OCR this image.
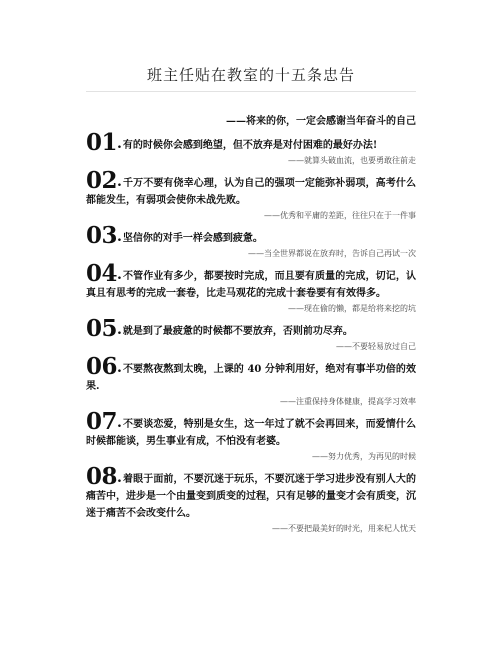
班主任贴在教室的十五条忠告
——将来的你，一定会感谢当年奋斗的自己
01.有的时候你会感到绝望，但不放弃是对付困难的最好办法!
——就算头破血流，也要勇敢往前走
02.千万不要有侥幸心理，认为自己的强项一定能弥补弱项，高考什么都能发生，有弱项会使你未战先败。
——优秀和平庸的差距，往往只在于一件事
03.坚信你的对手一样会感到疲惫。
——当全世界都说在放弃时，告诉自己再试一次
04.不管作业有多少，都要按时完成，而且要有质量的完成，切记，认真且有思考的完成一套卷，比走马观花的完成十套卷要有有效得多。
——现在偷的懒，都是给将来挖的坑
05.就是到了最疲惫的时候都不要放弃，否则前功尽弃。
——不要轻易放过自己
06.不要熬夜熬到太晚，上课的 40 分钟利用好，绝对有事半功倍的效果.
——注重保持身体健康，提高学习效率
07.不要谈恋爱，特别是女生，这一年过了就不会再回来，而爱情什么时候都能谈，男生事业有成，不怕没有老婆。
——努力优秀，为再见的时候
08.着眼于面前，不要沉迷于玩乐，不要沉迷于学习进步没有别人大的痛苦中，进步是一个由量变到质变的过程，只有足够的量变才会有质变，沉迷于痛苦不会改变什么。
——不要把最美好的时光，用来杞人忧天
